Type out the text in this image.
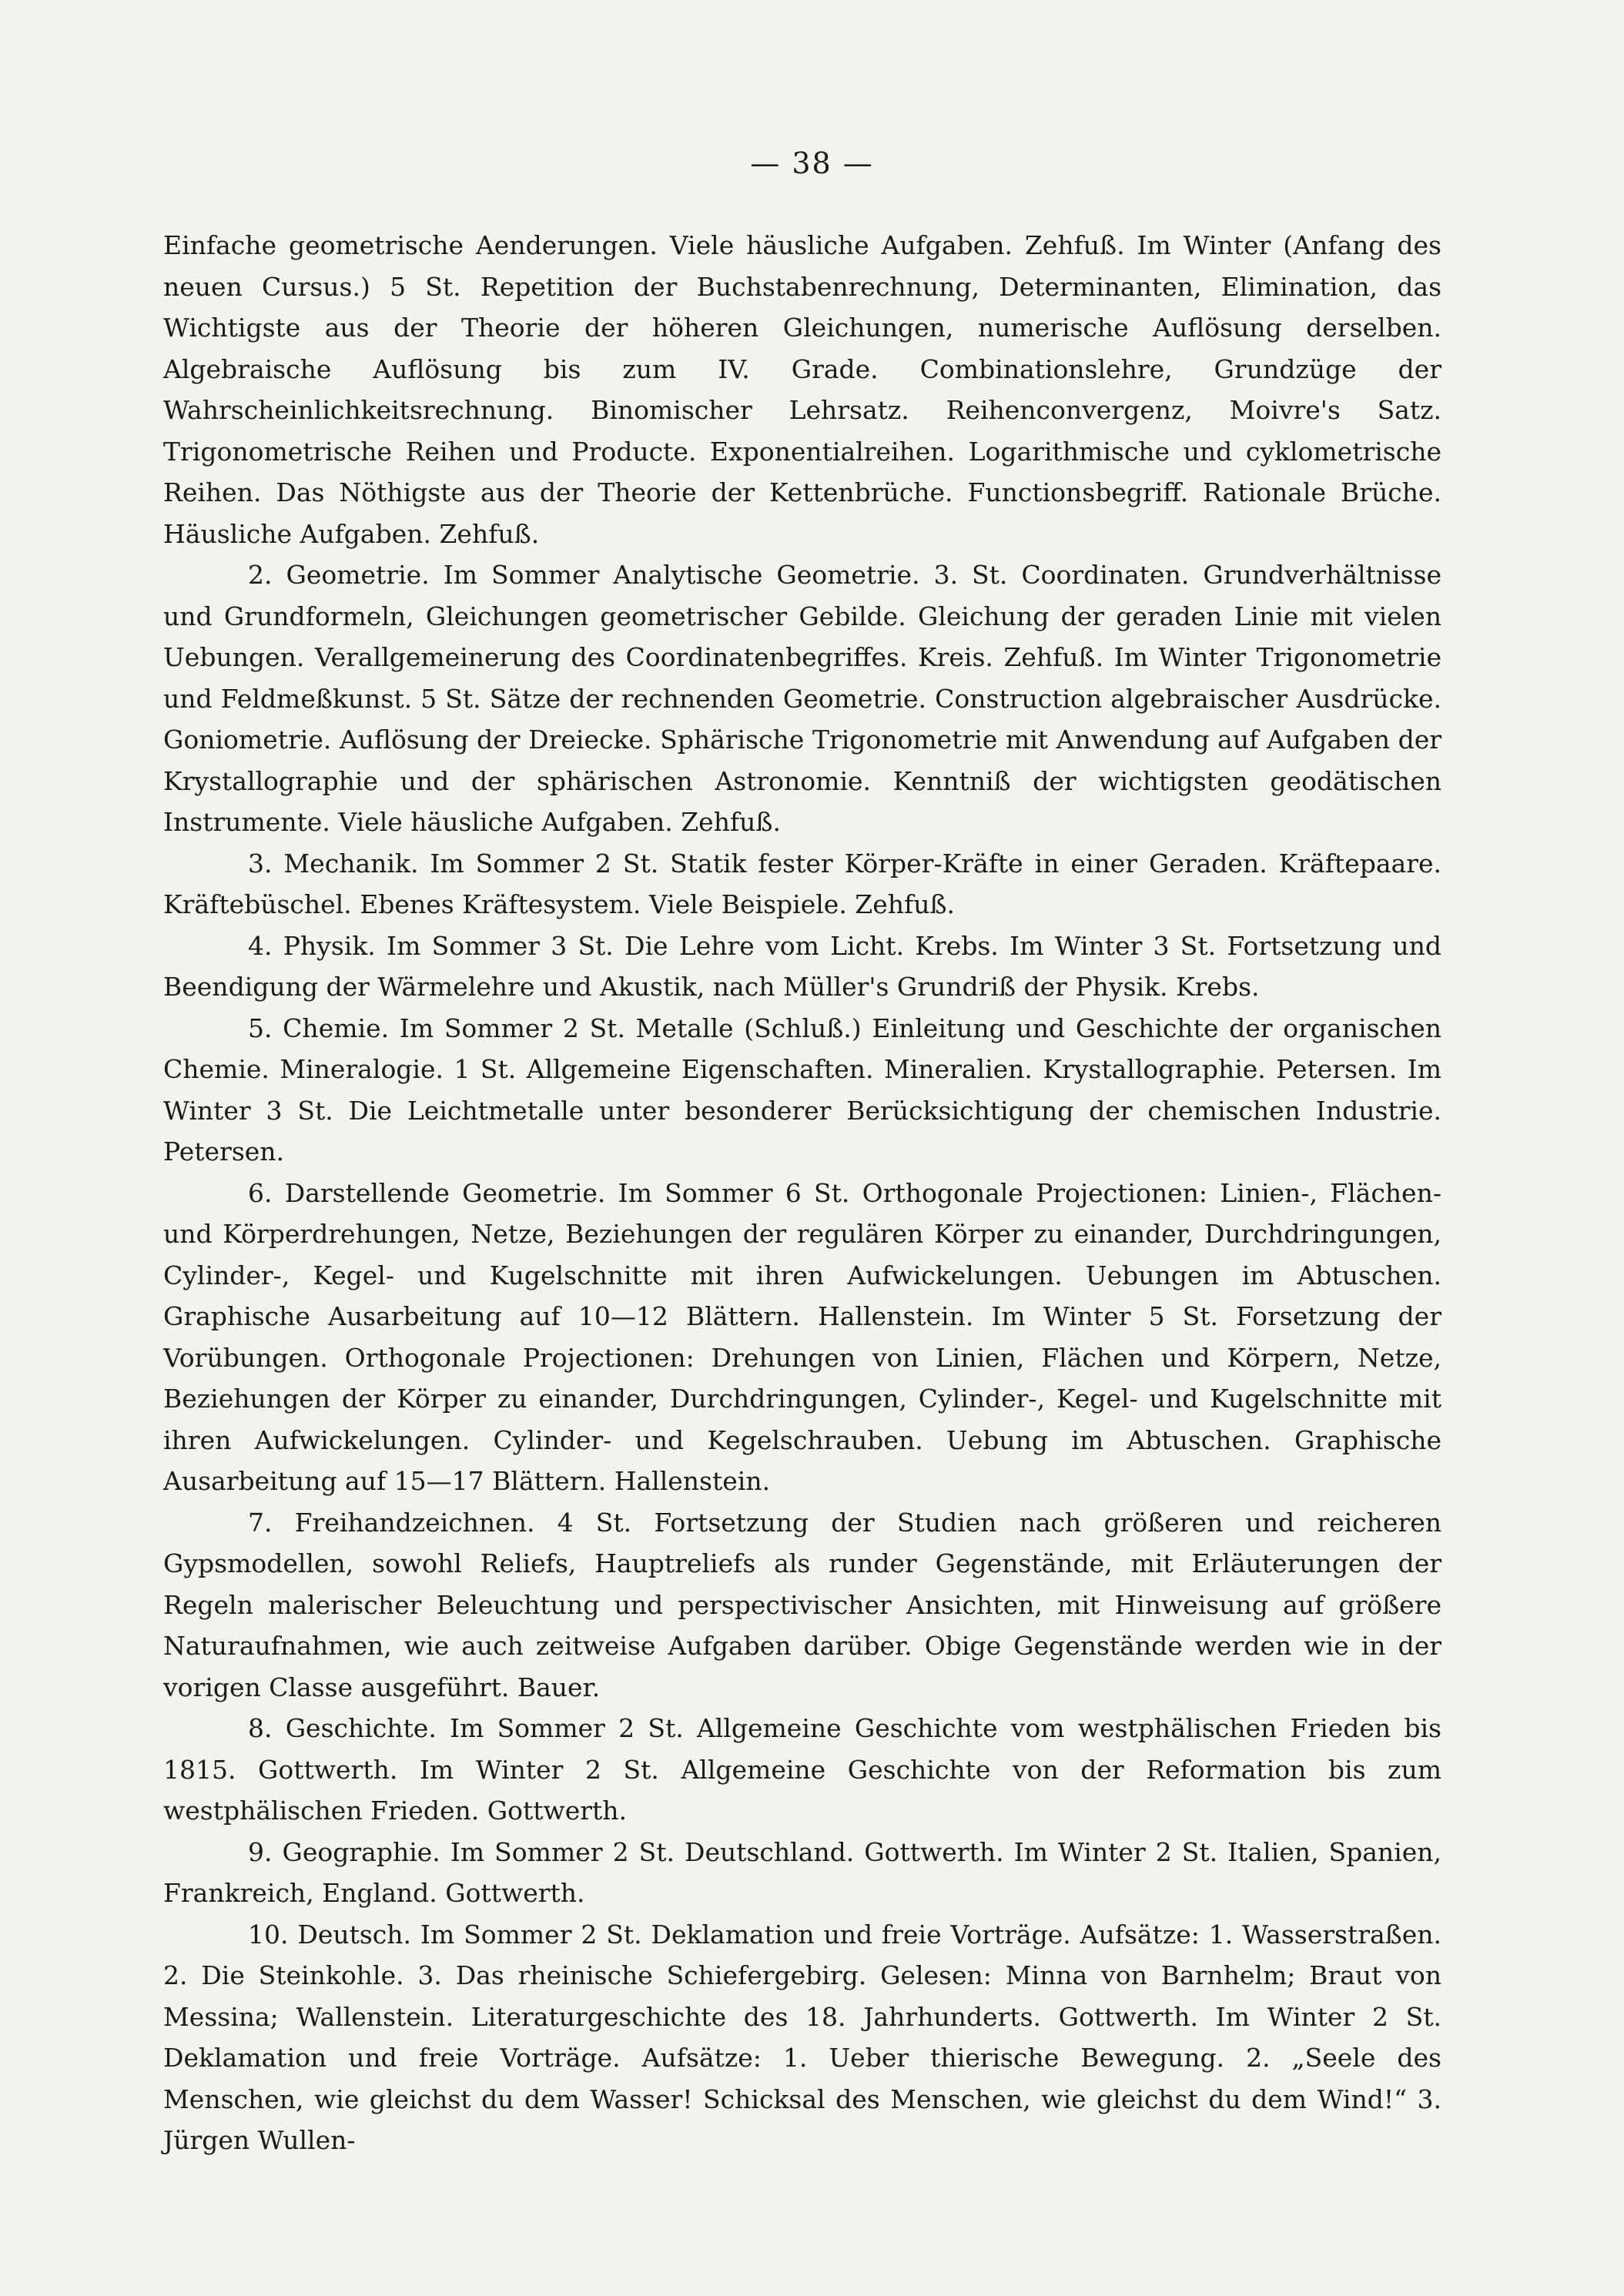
— 38 —

Einfache geometrische Aenderungen. Viele häusliche Aufgaben. Zehfuß. Im Winter (Anfang des neuen Cursus.) 5 St. Repetition der Buchstabenrechnung, Determinanten, Elimination, das Wichtigste aus der Theorie der höheren Gleichungen, numerische Auflösung derselben. Algebraische Auflösung bis zum IV. Grade. Combinationslehre, Grundzüge der Wahrscheinlichkeitsrechnung. Binomischer Lehrsatz. Reihenconvergenz, Moivre's Satz. Trigonometrische Reihen und Producte. Exponentialreihen. Logarithmische und cyklometrische Reihen. Das Nöthigste aus der Theorie der Kettenbrüche. Functionsbegriff. Rationale Brüche. Häusliche Aufgaben. Zehfuß.

2. Geometrie. Im Sommer Analytische Geometrie. 3. St. Coordinaten. Grundverhältnisse und Grundformeln, Gleichungen geometrischer Gebilde. Gleichung der geraden Linie mit vielen Uebungen. Verallgemeinerung des Coordinatenbegriffes. Kreis. Zehfuß. Im Winter Trigonometrie und Feldmeßkunst. 5 St. Sätze der rechnenden Geometrie. Construction algebraischer Ausdrücke. Goniometrie. Auflösung der Dreiecke. Sphärische Trigonometrie mit Anwendung auf Aufgaben der Krystallographie und der sphärischen Astronomie. Kenntniß der wichtigsten geodätischen Instrumente. Viele häusliche Aufgaben. Zehfuß.

3. Mechanik. Im Sommer 2 St. Statik fester Körper-Kräfte in einer Geraden. Kräftepaare. Kräftebüschel. Ebenes Kräftesystem. Viele Beispiele. Zehfuß.

4. Physik. Im Sommer 3 St. Die Lehre vom Licht. Krebs. Im Winter 3 St. Fortsetzung und Beendigung der Wärmelehre und Akustik, nach Müller's Grundriß der Physik. Krebs.

5. Chemie. Im Sommer 2 St. Metalle (Schluß.) Einleitung und Geschichte der organischen Chemie. Mineralogie. 1 St. Allgemeine Eigenschaften. Mineralien. Krystallographie. Petersen. Im Winter 3 St. Die Leichtmetalle unter besonderer Berücksichtigung der chemischen Industrie. Petersen.

6. Darstellende Geometrie. Im Sommer 6 St. Orthogonale Projectionen: Linien-, Flächen- und Körperdrehungen, Netze, Beziehungen der regulären Körper zu einander, Durchdringungen, Cylinder-, Kegel- und Kugelschnitte mit ihren Aufwickelungen. Uebungen im Abtuschen. Graphische Ausarbeitung auf 10—12 Blättern. Hallenstein. Im Winter 5 St. Forsetzung der Vorübungen. Orthogonale Projectionen: Drehungen von Linien, Flächen und Körpern, Netze, Beziehungen der Körper zu einander, Durchdringungen, Cylinder-, Kegel- und Kugelschnitte mit ihren Aufwickelungen. Cylinder- und Kegelschrauben. Uebung im Abtuschen. Graphische Ausarbeitung auf 15—17 Blättern. Hallenstein.

7. Freihandzeichnen. 4 St. Fortsetzung der Studien nach größeren und reicheren Gypsmodellen, sowohl Reliefs, Hauptreliefs als runder Gegenstände, mit Erläuterungen der Regeln malerischer Beleuchtung und perspectivischer Ansichten, mit Hinweisung auf größere Naturaufnahmen, wie auch zeitweise Aufgaben darüber. Obige Gegenstände werden wie in der vorigen Classe ausgeführt. Bauer.

8. Geschichte. Im Sommer 2 St. Allgemeine Geschichte vom westphälischen Frieden bis 1815. Gottwerth. Im Winter 2 St. Allgemeine Geschichte von der Reformation bis zum westphälischen Frieden. Gottwerth.

9. Geographie. Im Sommer 2 St. Deutschland. Gottwerth. Im Winter 2 St. Italien, Spanien, Frankreich, England. Gottwerth.

10. Deutsch. Im Sommer 2 St. Deklamation und freie Vorträge. Aufsätze: 1. Wasserstraßen. 2. Die Steinkohle. 3. Das rheinische Schiefergebirg. Gelesen: Minna von Barnhelm; Braut von Messina; Wallenstein. Literaturgeschichte des 18. Jahrhunderts. Gottwerth. Im Winter 2 St. Deklamation und freie Vorträge. Aufsätze: 1. Ueber thierische Bewegung. 2. „Seele des Menschen, wie gleichst du dem Wasser! Schicksal des Menschen, wie gleichst du dem Wind!“ 3. Jürgen Wullen-
